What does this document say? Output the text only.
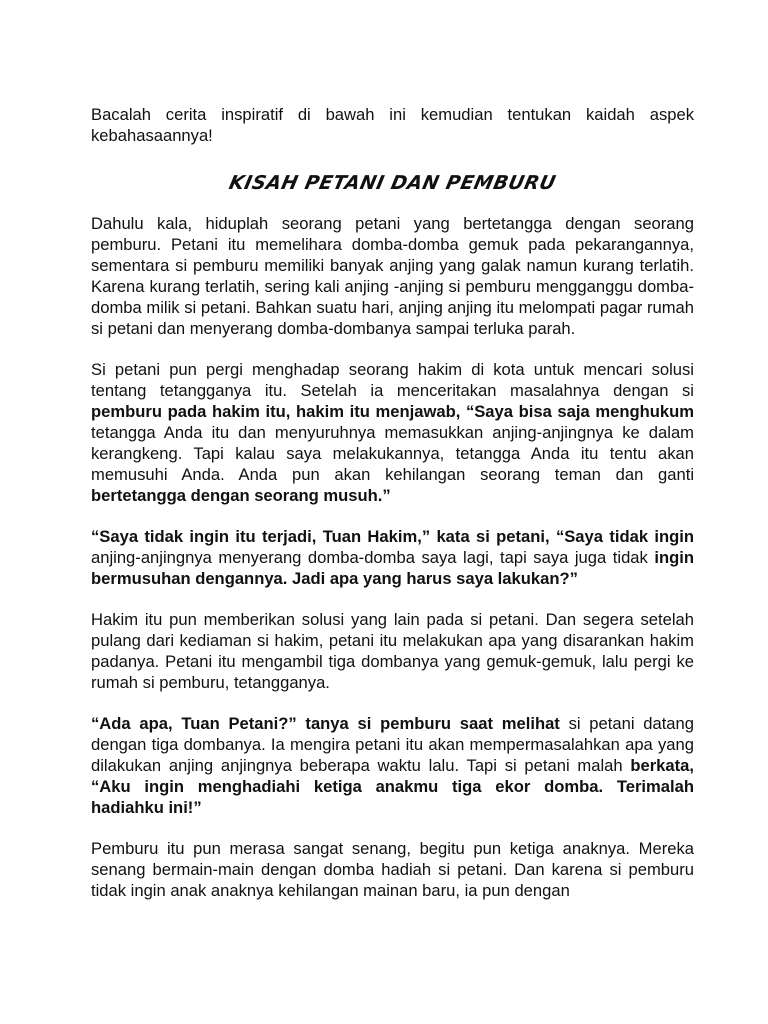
Bacalah cerita inspiratif di bawah ini kemudian tentukan kaidah aspek kebahasaannya!

KISAH PETANI DAN PEMBURU

Dahulu kala, hiduplah seorang petani yang bertetangga dengan seorang pemburu. Petani itu memelihara domba-domba gemuk pada pekarangannya, sementara si pemburu memiliki banyak anjing yang galak namun kurang terlatih. Karena kurang terlatih, sering kali anjing -anjing si pemburu mengganggu domba-domba milik si petani. Bahkan suatu hari, anjing anjing itu melompati pagar rumah si petani dan menyerang domba-dombanya sampai terluka parah.

Si petani pun pergi menghadap seorang hakim di kota untuk mencari solusi tentang tetangganya itu. Setelah ia menceritakan masalahnya dengan si pemburu pada hakim itu, hakim itu menjawab, “Saya bisa saja menghukum tetangga Anda itu dan menyuruhnya memasukkan anjing-anjingnya ke dalam kerangkeng. Tapi kalau saya melakukannya, tetangga Anda itu tentu akan memusuhi Anda. Anda pun akan kehilangan seorang teman dan ganti bertetangga dengan seorang musuh.”

“Saya tidak ingin itu terjadi, Tuan Hakim,” kata si petani, “Saya tidak ingin anjing-anjingnya menyerang domba-domba saya lagi, tapi saya juga tidak ingin bermusuhan dengannya. Jadi apa yang harus saya lakukan?”

Hakim itu pun memberikan solusi yang lain pada si petani. Dan segera setelah pulang dari kediaman si hakim, petani itu melakukan apa yang disarankan hakim padanya. Petani itu mengambil tiga dombanya yang gemuk-gemuk, lalu pergi ke rumah si pemburu, tetangganya.

“Ada apa, Tuan Petani?” tanya si pemburu saat melihat si petani datang dengan tiga dombanya. Ia mengira petani itu akan mempermasalahkan apa yang dilakukan anjing anjingnya beberapa waktu lalu. Tapi si petani malah berkata, “Aku ingin menghadiahi ketiga anakmu tiga ekor domba. Terimalah hadiahku ini!”

Pemburu itu pun merasa sangat senang, begitu pun ketiga anaknya. Mereka senang bermain-main dengan domba hadiah si petani. Dan karena si pemburu tidak ingin anak anaknya kehilangan mainan baru, ia pun dengan
